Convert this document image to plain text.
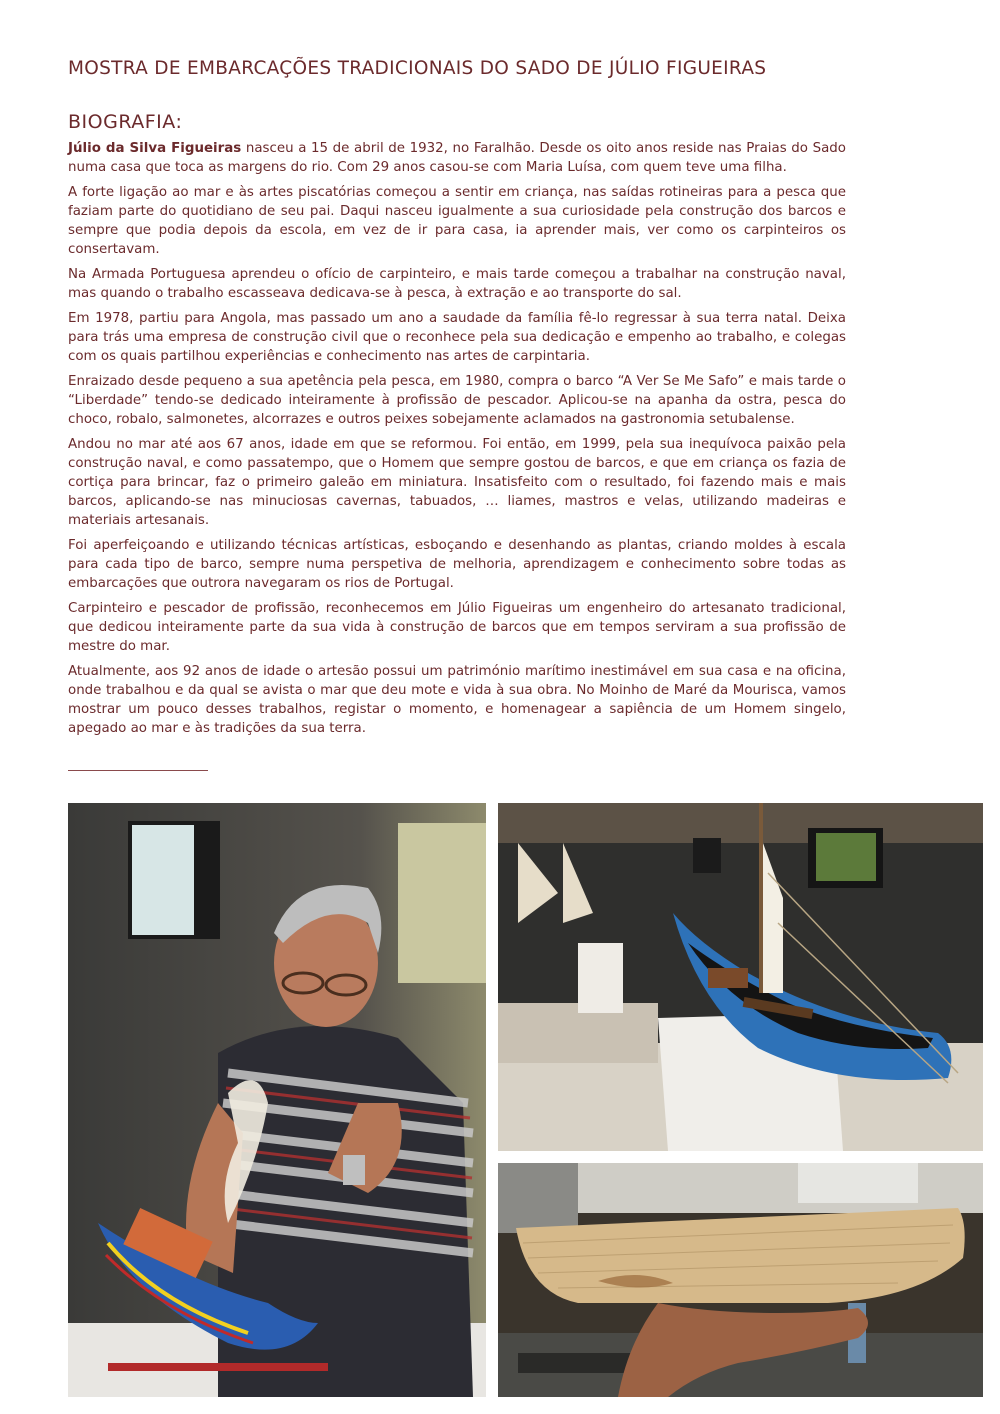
MOSTRA DE EMBARCAÇÕES TRADICIONAIS DO SADO DE JÚLIO FIGUEIRAS
BIOGRAFIA:

Júlio da Silva Figueiras nasceu a 15 de abril de 1932, no Faralhão. Desde os oito anos reside nas Praias do Sado numa casa que toca as margens do rio. Com 29 anos casou-se com Maria Luísa, com quem teve uma filha.

A forte ligação ao mar e às artes piscatórias começou a sentir em criança, nas saídas rotineiras para a pesca que faziam parte do quotidiano de seu pai. Daqui nasceu igualmente a sua curiosidade pela construção dos barcos e sempre que podia depois da escola, em vez de ir para casa, ia aprender mais, ver como os carpinteiros os consertavam.

Na Armada Portuguesa aprendeu o ofício de carpinteiro, e mais tarde começou a trabalhar na construção naval, mas quando o trabalho escasseava dedicava-se à pesca, à extração e ao transporte do sal.

Em 1978, partiu para Angola, mas passado um ano a saudade da família fê-lo regressar à sua terra natal. Deixa para trás uma empresa de construção civil que o reconhece pela sua dedicação e empenho ao trabalho, e colegas com os quais partilhou experiências e conhecimento nas artes de carpintaria.

Enraizado desde pequeno a sua apetência pela pesca, em 1980, compra o barco “A Ver Se Me Safo” e mais tarde o “Liberdade” tendo-se dedicado inteiramente à profissão de pescador. Aplicou-se na apanha da ostra, pesca do choco, robalo, salmonetes, alcorrazes e outros peixes sobejamente aclamados na gastronomia setubalense.

Andou no mar até aos 67 anos, idade em que se reformou. Foi então, em 1999, pela sua inequívoca paixão pela construção naval, e como passatempo, que o Homem que sempre gostou de barcos, e que em criança os fazia de cortiça para brincar, faz o primeiro galeão em miniatura. Insatisfeito com o resultado, foi fazendo mais e mais barcos, aplicando-se nas minuciosas cavernas, tabuados, … liames, mastros e velas, utilizando madeiras e materiais artesanais.

Foi aperfeiçoando e utilizando técnicas artísticas, esboçando e desenhando as plantas, criando moldes à escala para cada tipo de barco, sempre numa perspetiva de melhoria, aprendizagem e conhecimento sobre todas as embarcações que outrora navegaram os rios de Portugal.

Carpinteiro e pescador de profissão, reconhecemos em Júlio Figueiras um engenheiro do artesanato tradicional, que dedicou inteiramente parte da sua vida à construção de barcos que em tempos serviram a sua profissão de mestre do mar.

Atualmente, aos 92 anos de idade o artesão possui um património marítimo inestimável em sua casa e na oficina, onde trabalhou e da qual se avista o mar que deu mote e vida à sua obra. No Moinho de Maré da Mourisca, vamos mostrar um pouco desses trabalhos, registar o momento, e homenagear a sapiência de um Homem singelo, apegado ao mar e às tradições da sua terra.
